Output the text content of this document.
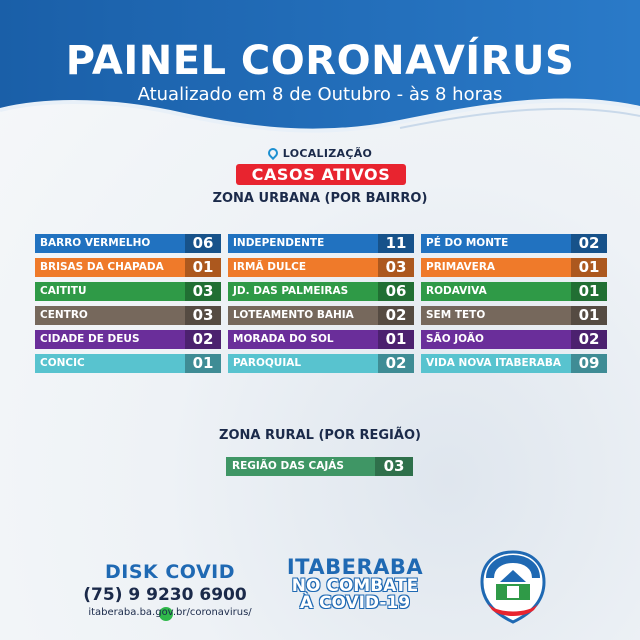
PAINEL CORONAVÍRUS
Atualizado em 8 de Outubro - às 8 horas
LOCALIZAÇÃO
CASOS ATIVOS
ZONA URBANA (POR BAIRRO)
BARRO VERMELHO	06	INDEPENDENTE	11	PÉ DO MONTE	02
BRISAS DA CHAPADA	01	IRMÃ DULCE	03	PRIMAVERA	01
CAITITU	03	JD. DAS PALMEIRAS	06	RODAVIVA	01
CENTRO	03	LOTEAMENTO BAHIA	02	SEM TETO	01
CIDADE DE DEUS	02	MORADA DO SOL	01	SÃO JOÃO	02
CONCIC	01	PAROQUIAL	02	VIDA NOVA ITABERABA	09
ZONA RURAL (POR REGIÃO)
REGIÃO DAS CAJÁS	03
DISK COVID
(75) 9 9230 6900
itaberaba.ba.gov.br/coronavirus/
ITABERABA
NO COMBATE
À COVID-19
